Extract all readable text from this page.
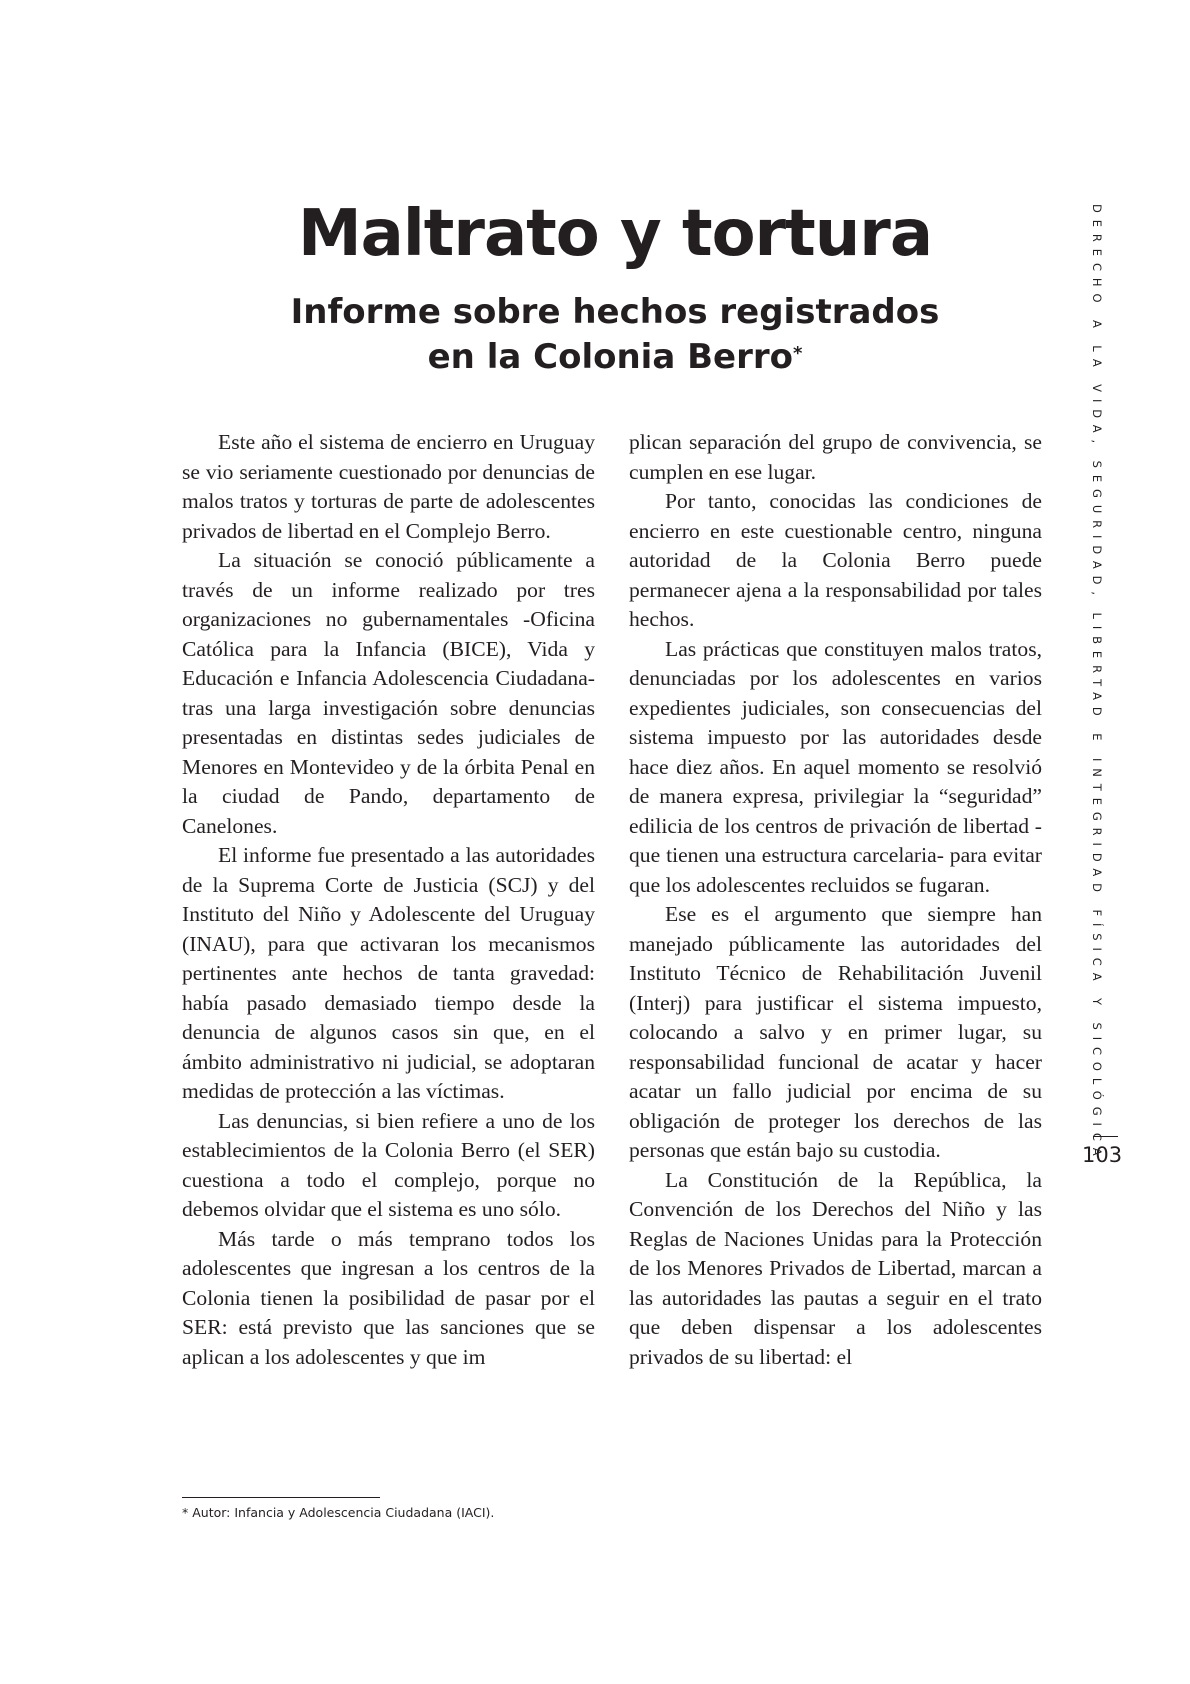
Maltrato y tortura
Informe sobre hechos registrados
en la Colonia Berro*

Este año el sistema de encierro en Uruguay se vio seriamente cuestionado por denuncias de malos tratos y torturas de parte de adolescentes privados de libertad en el Complejo Berro.

La situación se conoció públicamente a través de un informe realizado por tres organizaciones no gubernamentales -Oficina Católica para la Infancia (BICE), Vida y Educación e Infancia Adolescencia Ciudadana- tras una larga investigación sobre denuncias presentadas en distintas sedes judiciales de Menores en Montevideo y de la órbita Penal en la ciudad de Pando, departamento de Canelones.

El informe fue presentado a las autoridades de la Suprema Corte de Justicia (SCJ) y del Instituto del Niño y Adolescente del Uruguay (INAU), para que activaran los mecanismos pertinentes ante hechos de tanta gravedad: había pasado demasiado tiempo desde la denuncia de algunos casos sin que, en el ámbito administrativo ni judicial, se adoptaran medidas de protección a las víctimas.

Las denuncias, si bien refiere a uno de los establecimientos de la Colonia Berro (el SER) cuestiona a todo el complejo, porque no debemos olvidar que el sistema es uno sólo.

Más tarde o más temprano todos los adolescentes que ingresan a los centros de la Colonia tienen la posibilidad de pasar por el SER: está previsto que las sanciones que se aplican a los adolescentes y que im

plican separación del grupo de convivencia, se cumplen en ese lugar.

Por tanto, conocidas las condiciones de encierro en este cuestionable centro, ninguna autoridad de la Colonia Berro puede permanecer ajena a la responsabilidad por tales hechos.

Las prácticas que constituyen malos tratos, denunciadas por los adolescentes en varios expedientes judiciales, son consecuencias del sistema impuesto por las autoridades desde hace diez años. En aquel momento se resolvió de manera expresa, privilegiar la “seguridad” edilicia de los centros de privación de libertad - que tienen una estructura carcelaria- para evitar que los adolescentes recluidos se fugaran.

Ese es el argumento que siempre han manejado públicamente las autoridades del Instituto Técnico de Rehabilitación Juvenil (Interj) para justificar el sistema impuesto, colocando a salvo y en primer lugar, su responsabilidad funcional de acatar y hacer acatar un fallo judicial por encima de su obligación de proteger los derechos de las personas que están bajo su custodia.

La Constitución de la República, la Convención de los Derechos del Niño y las Reglas de Naciones Unidas para la Protección de los Menores Privados de Libertad, marcan a las autoridades las pautas a seguir en el trato que deben dispensar a los adolescentes privados de su libertad: el

* Autor: Infancia y Adolescencia Ciudadana (IACI).
DERECHO A LA VIDA, SEGURIDAD, LIBERTAD E INTEGRIDAD FÍSICA Y SICOLÓGICA
103
